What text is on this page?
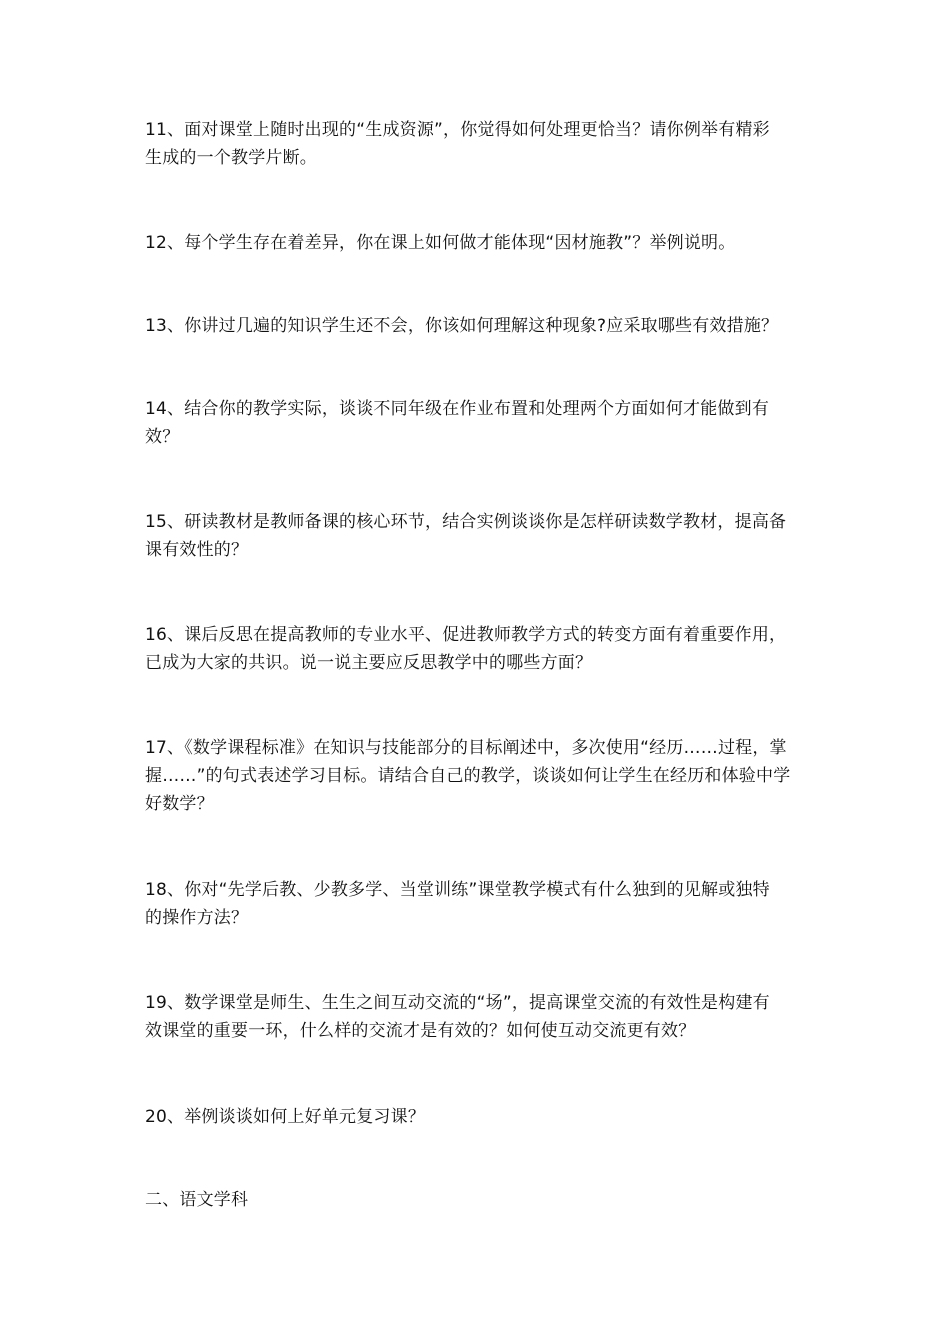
11、面对课堂上随时出现的“生成资源”，你觉得如何处理更恰当？请你例举有精彩
生成的一个教学片断。

12、每个学生存在着差异，你在课上如何做才能体现“因材施教”？举例说明。

13、你讲过几遍的知识学生还不会，你该如何理解这种现象?应采取哪些有效措施？

14、结合你的教学实际，谈谈不同年级在作业布置和处理两个方面如何才能做到有
效？

15、研读教材是教师备课的核心环节，结合实例谈谈你是怎样研读数学教材，提高备
课有效性的？

16、课后反思在提高教师的专业水平、促进教师教学方式的转变方面有着重要作用，
已成为大家的共识。说一说主要应反思教学中的哪些方面？

17、《数学课程标准》在知识与技能部分的目标阐述中，多次使用“经历……过程，掌
握……”的句式表述学习目标。请结合自己的教学，谈谈如何让学生在经历和体验中学
好数学？

18、你对“先学后教、少教多学、当堂训练”课堂教学模式有什么独到的见解或独特
的操作方法？

19、数学课堂是师生、生生之间互动交流的“场”，提高课堂交流的有效性是构建有
效课堂的重要一环，什么样的交流才是有效的？如何使互动交流更有效？

20、举例谈谈如何上好单元复习课？

二、语文学科
